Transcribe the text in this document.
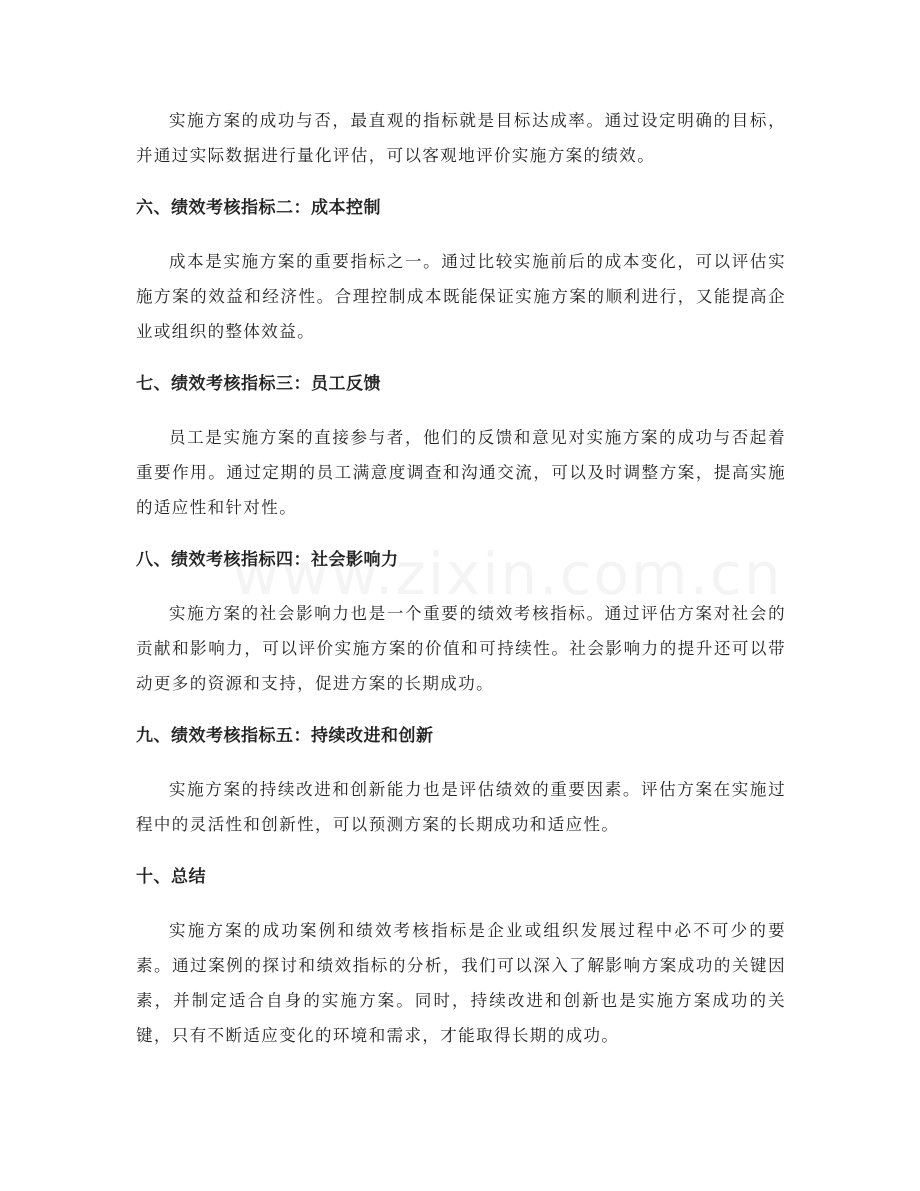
实施方案的成功与否，最直观的指标就是目标达成率。通过设定明确的目标，并通过实际数据进行量化评估，可以客观地评价实施方案的绩效。

六、绩效考核指标二：成本控制

成本是实施方案的重要指标之一。通过比较实施前后的成本变化，可以评估实施方案的效益和经济性。合理控制成本既能保证实施方案的顺利进行，又能提高企业或组织的整体效益。

七、绩效考核指标三：员工反馈

员工是实施方案的直接参与者，他们的反馈和意见对实施方案的成功与否起着重要作用。通过定期的员工满意度调查和沟通交流，可以及时调整方案，提高实施的适应性和针对性。

八、绩效考核指标四：社会影响力

实施方案的社会影响力也是一个重要的绩效考核指标。通过评估方案对社会的贡献和影响力，可以评价实施方案的价值和可持续性。社会影响力的提升还可以带动更多的资源和支持，促进方案的长期成功。

九、绩效考核指标五：持续改进和创新

实施方案的持续改进和创新能力也是评估绩效的重要因素。评估方案在实施过程中的灵活性和创新性，可以预测方案的长期成功和适应性。

十、总结

实施方案的成功案例和绩效考核指标是企业或组织发展过程中必不可少的要素。通过案例的探讨和绩效指标的分析，我们可以深入了解影响方案成功的关键因素，并制定适合自身的实施方案。同时，持续改进和创新也是实施方案成功的关键，只有不断适应变化的环境和需求，才能取得长期的成功。
